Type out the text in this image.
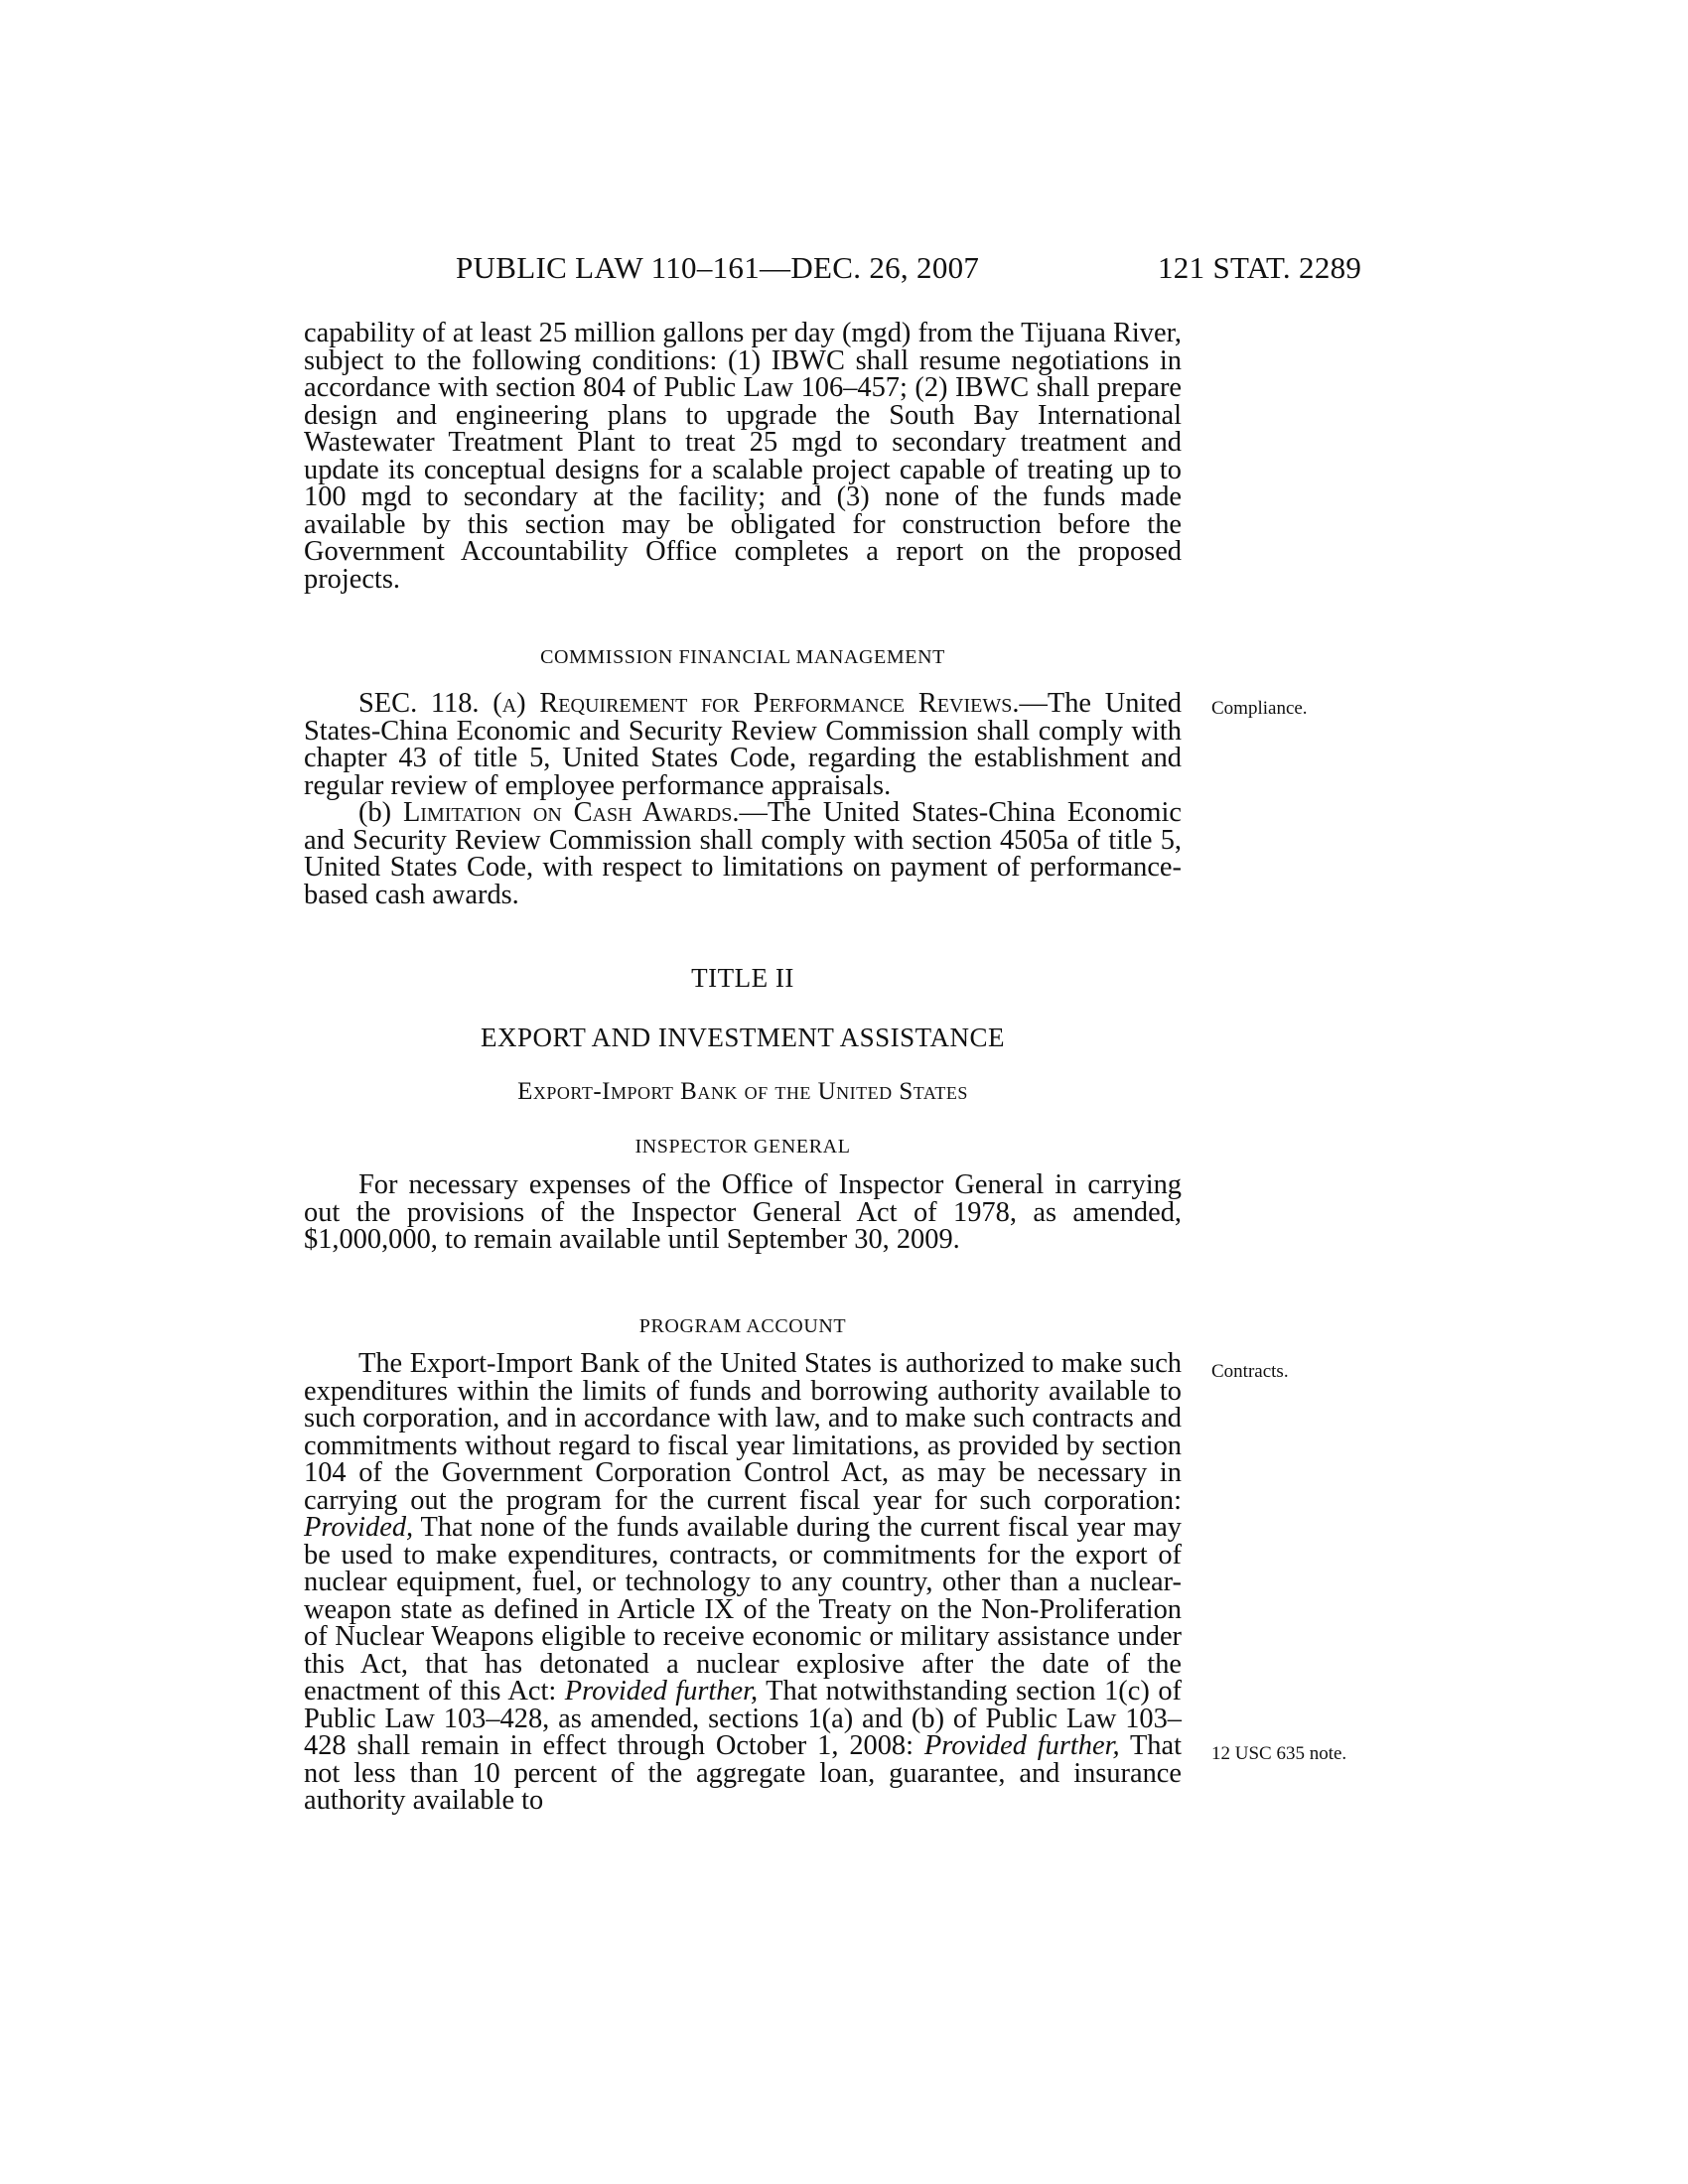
PUBLIC LAW 110–161—DEC. 26, 2007	121 STAT. 2289

capability of at least 25 million gallons per day (mgd) from the Tijuana River, subject to the following conditions: (1) IBWC shall resume negotiations in accordance with section 804 of Public Law 106–457; (2) IBWC shall prepare design and engineering plans to upgrade the South Bay International Wastewater Treatment Plant to treat 25 mgd to secondary treatment and update its conceptual designs for a scalable project capable of treating up to 100 mgd to secondary at the facility; and (3) none of the funds made available by this section may be obligated for construction before the Government Accountability Office completes a report on the proposed projects.

COMMISSION FINANCIAL MANAGEMENT

SEC. 118. (a) Requirement for Performance Reviews.—The United States-China Economic and Security Review Commission shall comply with chapter 43 of title 5, United States Code, regarding the establishment and regular review of employee performance appraisals.

(b) Limitation on Cash Awards.—The United States-China Economic and Security Review Commission shall comply with section 4505a of title 5, United States Code, with respect to limitations on payment of performance-based cash awards.

TITLE II
EXPORT AND INVESTMENT ASSISTANCE
Export-Import Bank of the United States
INSPECTOR GENERAL

For necessary expenses of the Office of Inspector General in carrying out the provisions of the Inspector General Act of 1978, as amended, $1,000,000, to remain available until September 30, 2009.

PROGRAM ACCOUNT

The Export-Import Bank of the United States is authorized to make such expenditures within the limits of funds and borrowing authority available to such corporation, and in accordance with law, and to make such contracts and commitments without regard to fiscal year limitations, as provided by section 104 of the Government Corporation Control Act, as may be necessary in carrying out the program for the current fiscal year for such corporation: Provided, That none of the funds available during the current fiscal year may be used to make expenditures, contracts, or commitments for the export of nuclear equipment, fuel, or technology to any country, other than a nuclear-weapon state as defined in Article IX of the Treaty on the Non-Proliferation of Nuclear Weapons eligible to receive economic or military assistance under this Act, that has detonated a nuclear explosive after the date of the enactment of this Act: Provided further, That notwithstanding section 1(c) of Public Law 103–428, as amended, sections 1(a) and (b) of Public Law 103–428 shall remain in effect through October 1, 2008: Provided further, That not less than 10 percent of the aggregate loan, guarantee, and insurance authority available to

Compliance.
Contracts.
12 USC 635 note.
